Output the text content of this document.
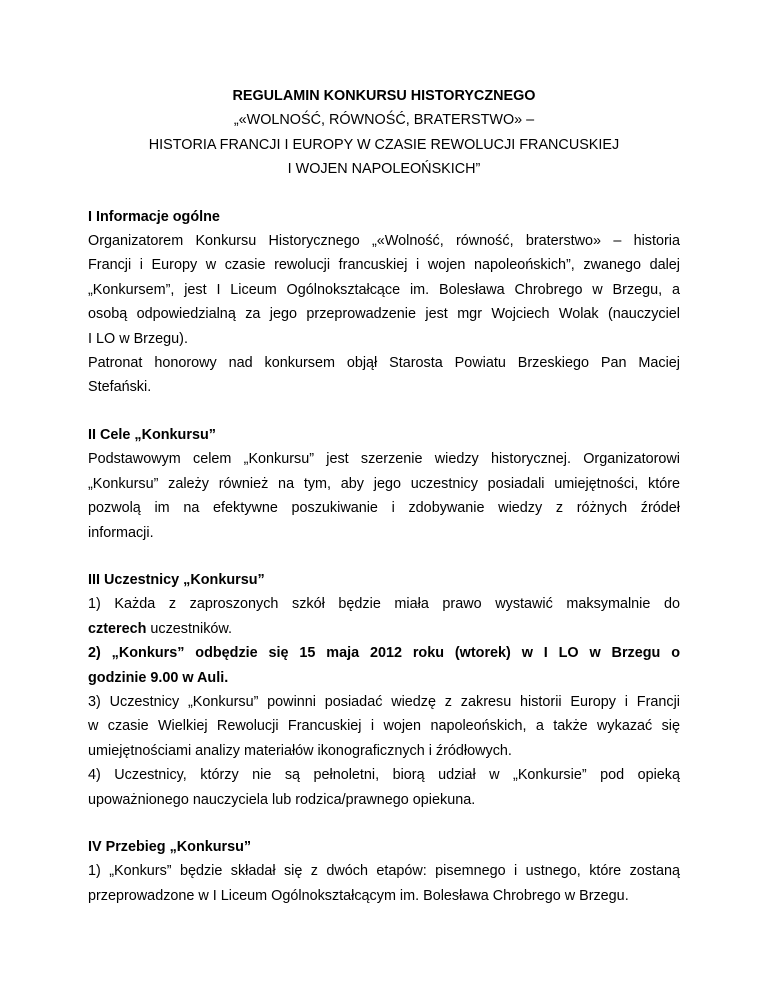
REGULAMIN KONKURSU HISTORYCZNEGO
„«WOLNOŚĆ, RÓWNOŚĆ, BRATERSTWO» –
HISTORIA FRANCJI I EUROPY W CZASIE REWOLUCJI FRANCUSKIEJ
I WOJEN NAPOLEOŃSKICH”
I Informacje ogólne
Organizatorem Konkursu Historycznego „«Wolność, równość, braterstwo» – historia
Francji i Europy w czasie rewolucji francuskiej i wojen napoleońskich”, zwanego dalej
„Konkursem”, jest I Liceum Ogólnokształcące im. Bolesława Chrobrego w Brzegu, a
osobą odpowiedzialną za jego przeprowadzenie jest mgr Wojciech Wolak (nauczyciel
I LO w Brzegu).
Patronat honorowy nad konkursem objął Starosta Powiatu Brzeskiego Pan Maciej
Stefański.
II Cele „Konkursu”
Podstawowym celem „Konkursu” jest szerzenie wiedzy historycznej. Organizatorowi
„Konkursu” zależy również na tym, aby jego uczestnicy posiadali umiejętności, które
pozwolą im na efektywne poszukiwanie i zdobywanie wiedzy z różnych źródeł
informacji.
III Uczestnicy „Konkursu”
1) Każda z zaproszonych szkół będzie miała prawo wystawić maksymalnie do
czterech uczestników.
2) „Konkurs” odbędzie się 15 maja 2012 roku (wtorek) w I LO w Brzegu o
godzinie 9.00 w Auli.
3) Uczestnicy „Konkursu” powinni posiadać wiedzę z zakresu historii Europy i Francji
w czasie Wielkiej Rewolucji Francuskiej i wojen napoleońskich, a także wykazać się
umiejętnościami analizy materiałów ikonograficznych i źródłowych.
4) Uczestnicy, którzy nie są pełnoletni, biorą udział w „Konkursie” pod opieką
upoważnionego nauczyciela lub rodzica/prawnego opiekuna.
IV Przebieg „Konkursu”
1) „Konkurs” będzie składał się z dwóch etapów: pisemnego i ustnego, które zostaną
przeprowadzone w I Liceum Ogólnokształcącym im. Bolesława Chrobrego w Brzegu.
